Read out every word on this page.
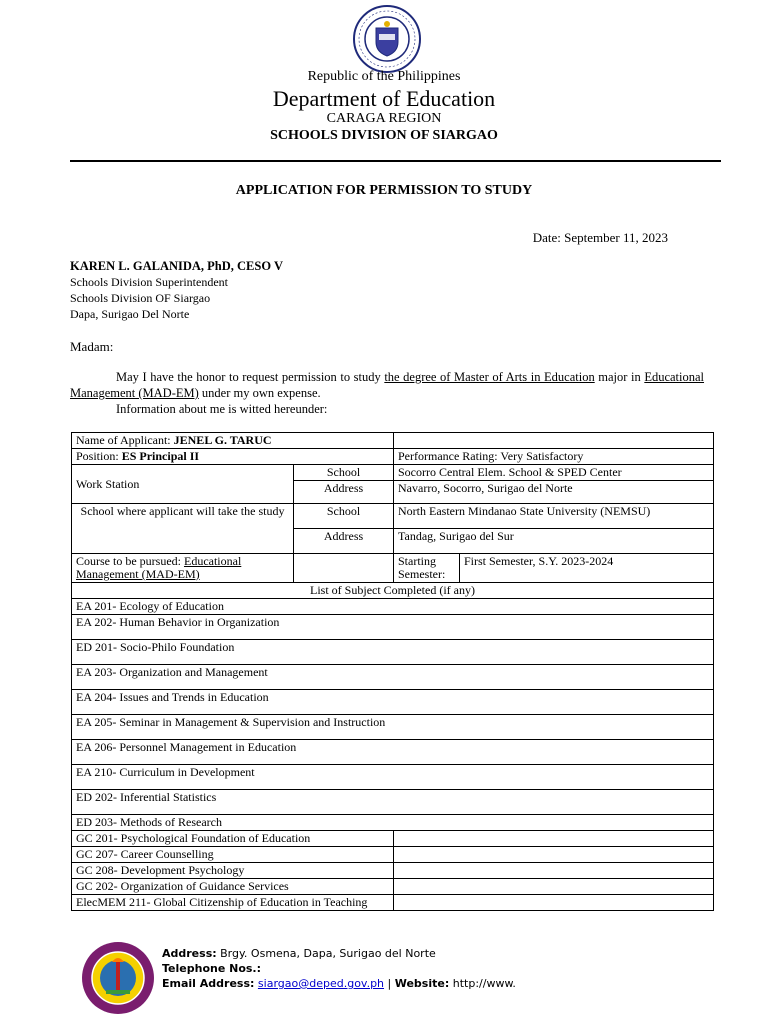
Republic of the Philippines
Department of Education
CARAGA REGION
SCHOOLS DIVISION OF SIARGAO
APPLICATION FOR PERMISSION TO STUDY
Date: September 11, 2023
KAREN L. GALANIDA, PhD, CESO V
Schools Division Superintendent
Schools Division OF Siargao
Dapa, Surigao Del Norte
Madam:

May I have the honor to request permission to study the degree of Master of Arts in Education major in Educational Management (MAD-EM) under my own expense.

Information about me is witted hereunder:

Name of Applicant: JENEL G. TARUC			
Position: ES Principal II		Performance Rating: Very Satisfactory	
Work Station	School	Socorro Central Elem. School & SPED Center	
	Address	Navarro, Socorro, Surigao del Norte	
School where applicant will take the study	School	North Eastern Mindanao State University (NEMSU)	
	Address	Tandag, Surigao del Sur	
Course to be pursued: Educational Management (MAD-EM)		Starting Semester:	First Semester, S.Y. 2023-2024
List of Subject Completed (if any)			
EA 201- Ecology of Education			
EA 202- Human Behavior in Organization			
ED 201- Socio-Philo Foundation			
EA 203- Organization and Management			
EA 204- Issues and Trends in Education			
EA 205- Seminar in Management & Supervision and Instruction			
EA 206- Personnel Management in Education			
EA 210- Curriculum in Development			
ED 202- Inferential Statistics			
ED 203- Methods of Research			
GC 201- Psychological Foundation of Education			
GC 207- Career Counselling			
GC 208- Development Psychology			
GC 202- Organization of Guidance Services			
ElecMEM 211- Global Citizenship of Education in Teaching			
Address: Brgy. Osmena, Dapa, Surigao del Norte
Telephone Nos.:
Email Address: siargao@deped.gov.ph | Website: http://www.
